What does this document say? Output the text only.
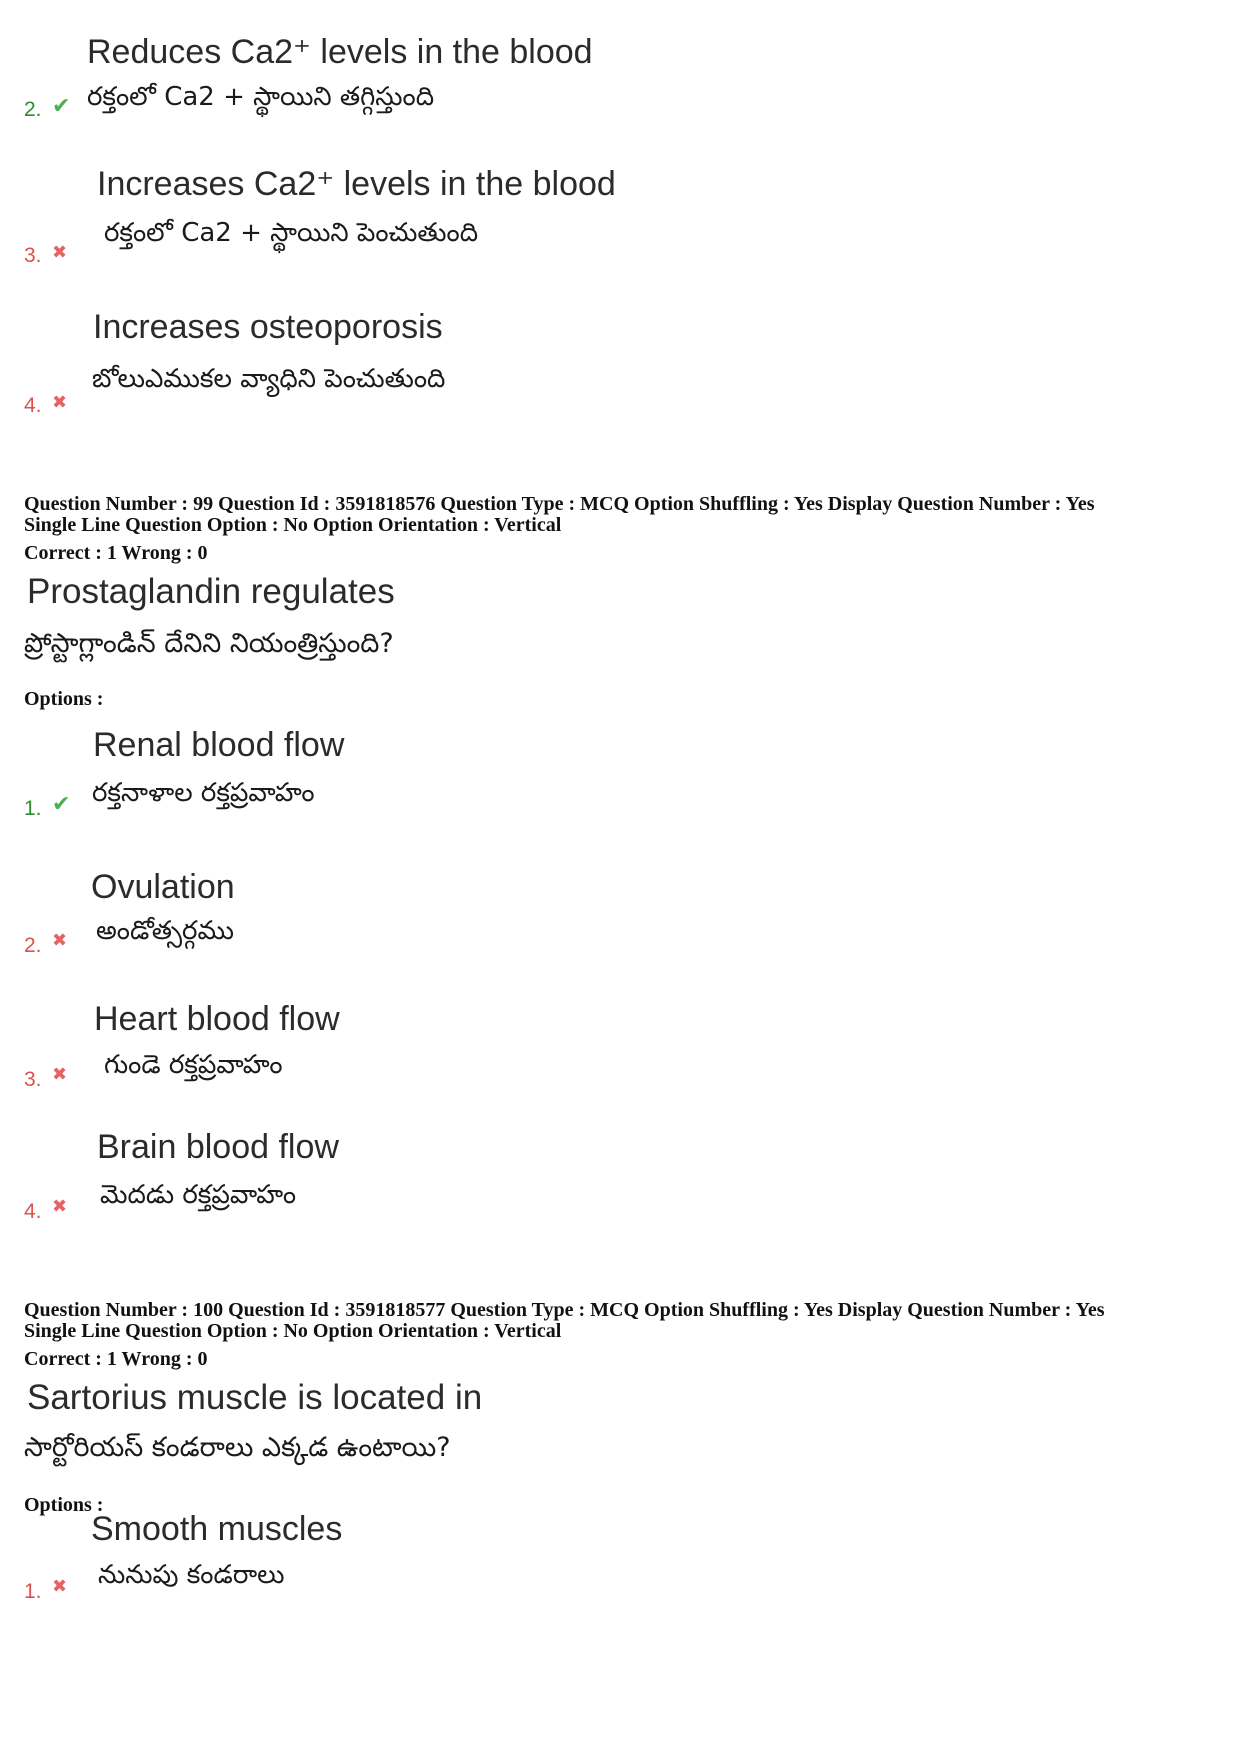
Reduces Ca2⁺ levels in the blood
రక్తంలో Ca2 + స్థాయిని తగ్గిస్తుంది
2. ✔
Increases Ca2⁺ levels in the blood
రక్తంలో Ca2 + స్థాయిని పెంచుతుంది
3. ✖
Increases osteoporosis
బోలుఎముకల వ్యాధిని పెంచుతుంది
4. ✖
Question Number : 99 Question Id : 3591818576 Question Type : MCQ Option Shuffling : Yes Display Question Number : Yes
Single Line Question Option : No Option Orientation : Vertical
Correct : 1 Wrong : 0
Prostaglandin regulates
ప్రోస్టాగ్లాండిన్ దేనిని నియంత్రిస్తుంది?
Options :
Renal blood flow
రక్తనాళాల రక్తప్రవాహం
1. ✔
Ovulation
అండోత్సర్గము
2. ✖
Heart blood flow
గుండె రక్తప్రవాహం
3. ✖
Brain blood flow
మెదడు రక్తప్రవాహం
4. ✖
Question Number : 100 Question Id : 3591818577 Question Type : MCQ Option Shuffling : Yes Display Question Number : Yes
Single Line Question Option : No Option Orientation : Vertical
Correct : 1 Wrong : 0
Sartorius muscle is located in
సార్టోరియస్ కండరాలు ఎక్కడ ఉంటాయి?
Options :
Smooth muscles
నునుపు కండరాలు
1. ✖
